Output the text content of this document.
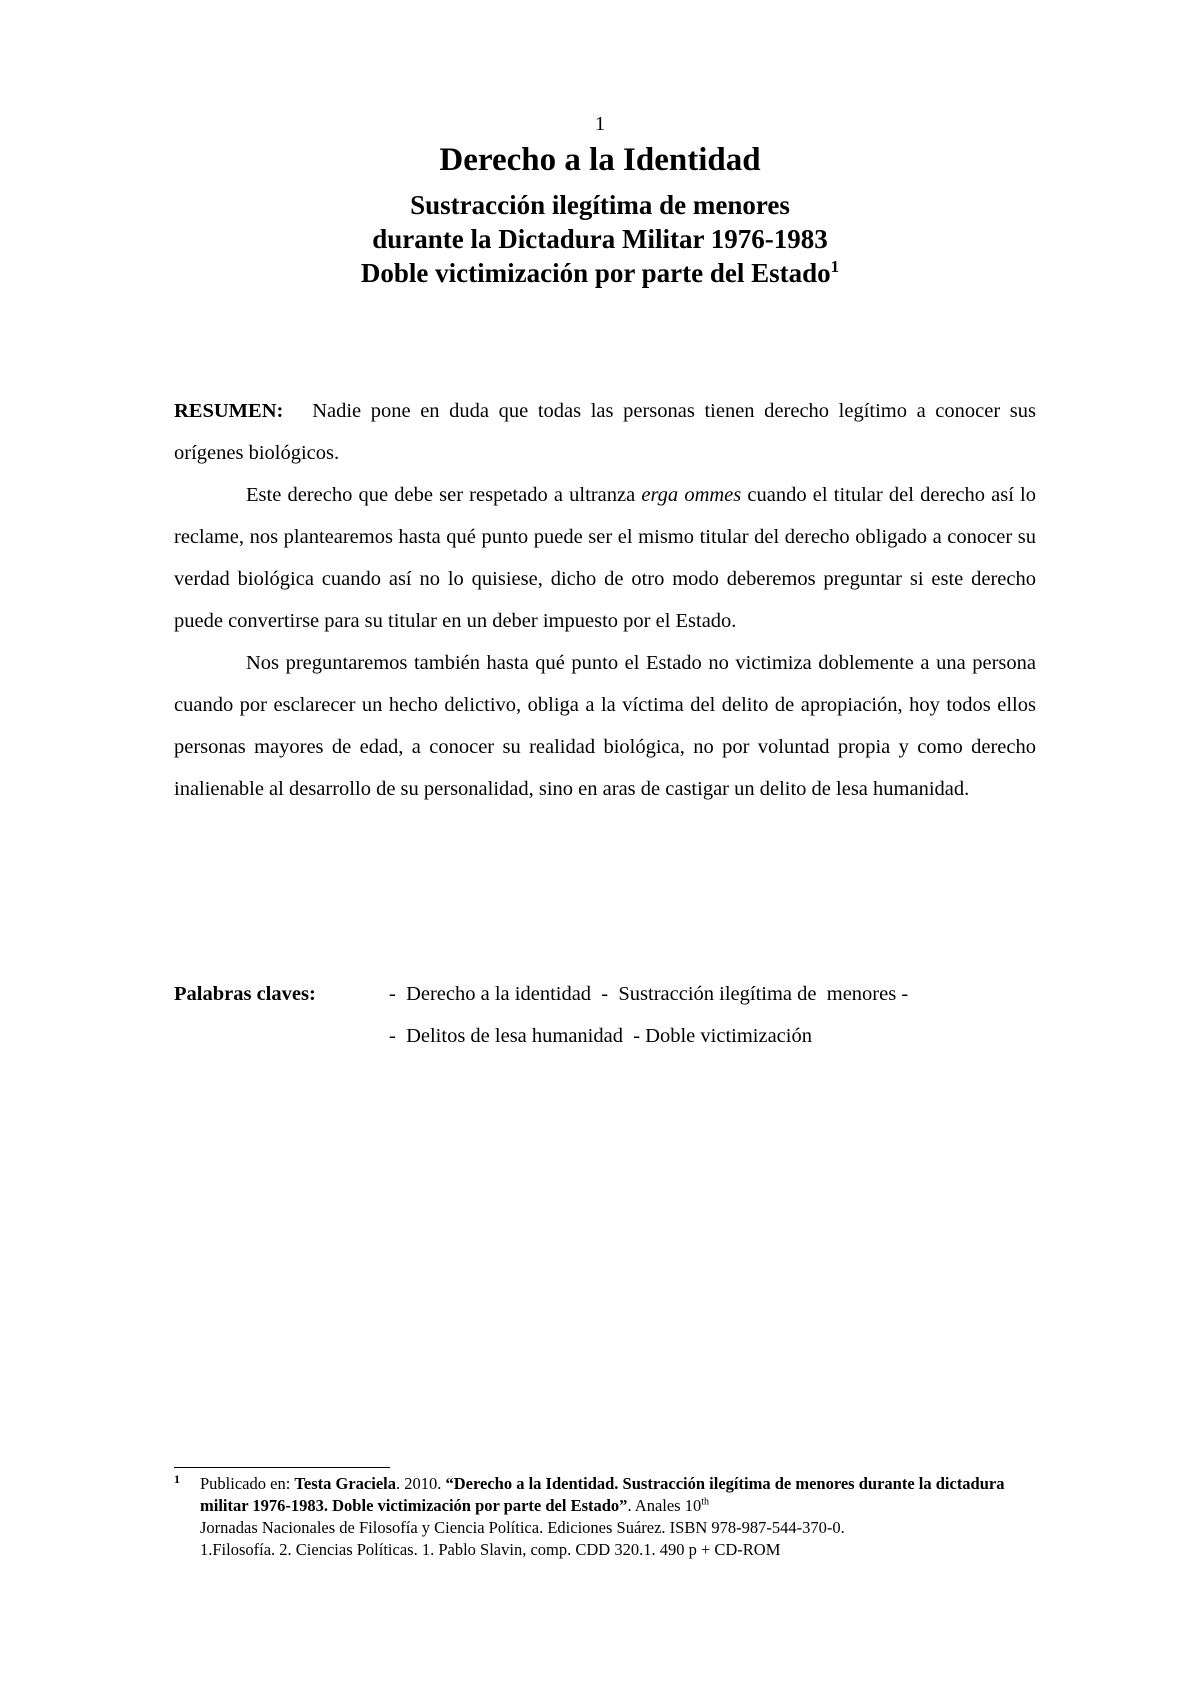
1
Derecho a la Identidad
Sustracción ilegítima de menores
durante la Dictadura Militar 1976-1983
Doble victimización por parte del Estado$^1$

RESUMEN: Nadie pone en duda que todas las personas tienen derecho legítimo a conocer sus orígenes biológicos.

Este derecho que debe ser respetado a ultranza erga ommes cuando el titular del derecho así lo reclame, nos plantearemos hasta qué punto puede ser el mismo titular del derecho obligado a conocer su verdad biológica cuando así no lo quisiese, dicho de otro modo deberemos preguntar si este derecho puede convertirse para su titular en un deber impuesto por el Estado.

Nos preguntaremos también hasta qué punto el Estado no victimiza doblemente a una persona cuando por esclarecer un hecho delictivo, obliga a la víctima del delito de apropiación, hoy todos ellos personas mayores de edad, a conocer su realidad biológica, no por voluntad propia y como derecho inalienable al desarrollo de su personalidad, sino en aras de castigar un delito de lesa humanidad.

Palabras claves:	-  Derecho a la identidad  -  Sustracción ilegítima de  menores -
-  Delitos de lesa humanidad  - Doble victimización
1 Publicado en: Testa Graciela. 2010. “Derecho a la Identidad. Sustracción ilegítima de menores durante la dictadura militar 1976-1983. Doble victimización por parte del Estado”. Anales 10th
Jornadas Nacionales de Filosofía y Ciencia Política. Ediciones Suárez. ISBN 978-987-544-370-0.
1.Filosofía. 2. Ciencias Políticas. 1. Pablo Slavin, comp. CDD 320.1. 490 p + CD-ROM
